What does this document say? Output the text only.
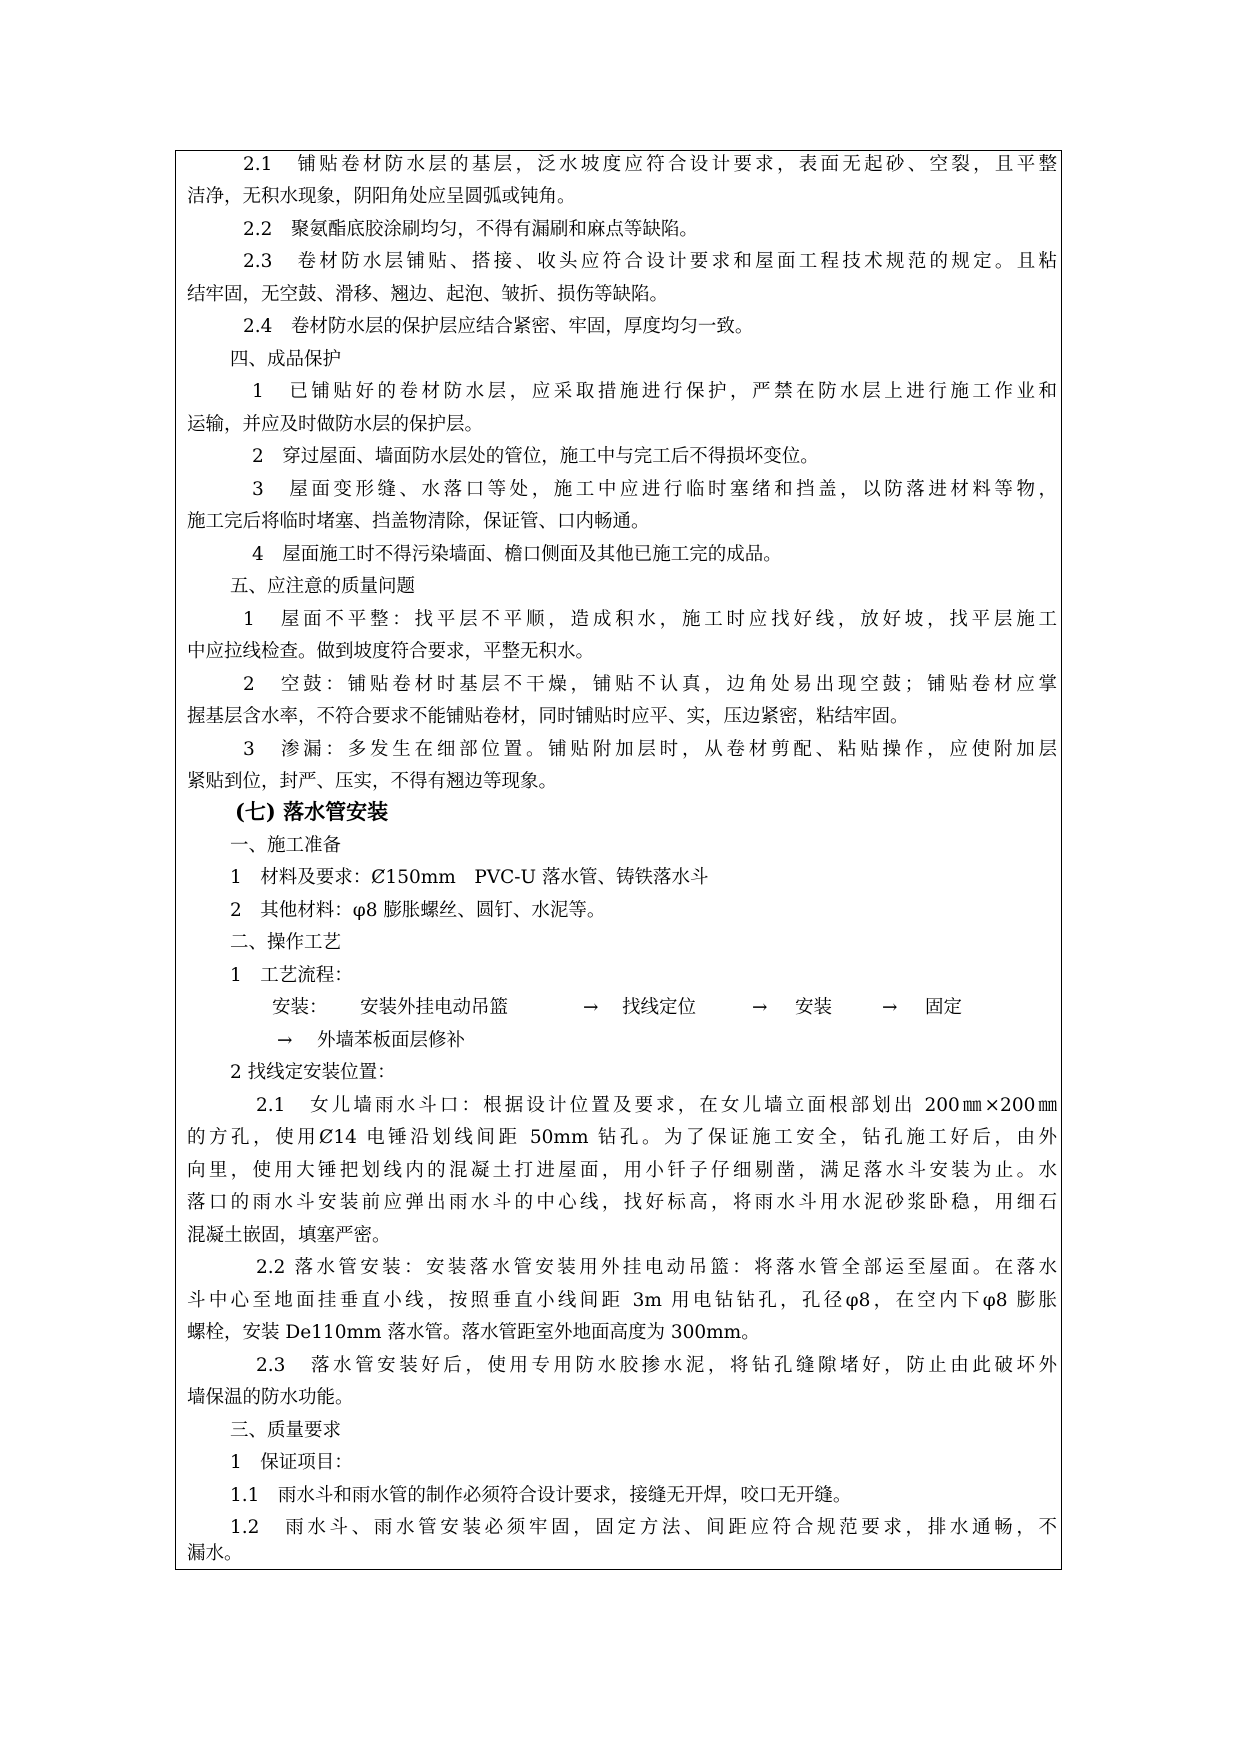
2.1　铺贴卷材防水层的基层，泛水坡度应符合设计要求，表面无起砂、空裂，且平整
洁净，无积水现象，阴阳角处应呈圆弧或钝角。
2.2　聚氨酯底胶涂刷均匀，不得有漏刷和麻点等缺陷。
2.3　卷材防水层铺贴、搭接、收头应符合设计要求和屋面工程技术规范的规定。且粘
结牢固，无空鼓、滑移、翘边、起泡、皱折、损伤等缺陷。
2.4　卷材防水层的保护层应结合紧密、牢固，厚度均匀一致。
四、成品保护
1　已铺贴好的卷材防水层，应采取措施进行保护，严禁在防水层上进行施工作业和
运输，并应及时做防水层的保护层。
2　穿过屋面、墙面防水层处的管位，施工中与完工后不得损坏变位。
3　屋面变形缝、水落口等处，施工中应进行临时塞绪和挡盖，以防落进材料等物，
施工完后将临时堵塞、挡盖物清除，保证管、口内畅通。
4　屋面施工时不得污染墙面、檐口侧面及其他已施工完的成品。
五、应注意的质量问题
1　屋面不平整：找平层不平顺，造成积水，施工时应找好线，放好坡，找平层施工
中应拉线检查。做到坡度符合要求，平整无积水。
2　空鼓：铺贴卷材时基层不干燥，铺贴不认真，边角处易出现空鼓；铺贴卷材应掌
握基层含水率，不符合要求不能铺贴卷材，同时铺贴时应平、实，压边紧密，粘结牢固。
3　渗漏：多发生在细部位置。铺贴附加层时，从卷材剪配、粘贴操作，应使附加层
紧贴到位，封严、压实，不得有翘边等现象。
(七) 落水管安装
一、施工准备
1　材料及要求：Ȼ150mm　PVC-U 落水管、铸铁落水斗
2　其他材料：φ8 膨胀螺丝、圆钉、水泥等。
二、操作工艺
1　工艺流程：
安装： 安装外挂电动吊篮	→ 找线定位	→ 安装	→ 固定
→ 外墙苯板面层修补
2 找线定安装位置：
2.1　女儿墙雨水斗口：根据设计位置及要求，在女儿墙立面根部划出 200㎜×200㎜
的方孔，使用Ȼ14 电锤沿划线间距 50mm 钻孔。为了保证施工安全，钻孔施工好后，由外
向里，使用大锤把划线内的混凝土打进屋面，用小钎子仔细剔凿，满足落水斗安装为止。水
落口的雨水斗安装前应弹出雨水斗的中心线，找好标高，将雨水斗用水泥砂浆卧稳，用细石
混凝土嵌固，填塞严密。
2.2 落水管安装：安装落水管安装用外挂电动吊篮：将落水管全部运至屋面。在落水
斗中心至地面挂垂直小线，按照垂直小线间距 3m 用电钻钻孔，孔径φ8，在空内下φ8 膨胀
螺栓，安装 De110mm 落水管。落水管距室外地面高度为 300mm。
2.3　落水管安装好后，使用专用防水胶掺水泥，将钻孔缝隙堵好，防止由此破坏外
墙保温的防水功能。
三、质量要求
1　保证项目：
1.1　雨水斗和雨水管的制作必须符合设计要求，接缝无开焊，咬口无开缝。
1.2　雨水斗、雨水管安装必须牢固，固定方法、间距应符合规范要求，排水通畅，不
漏水。
